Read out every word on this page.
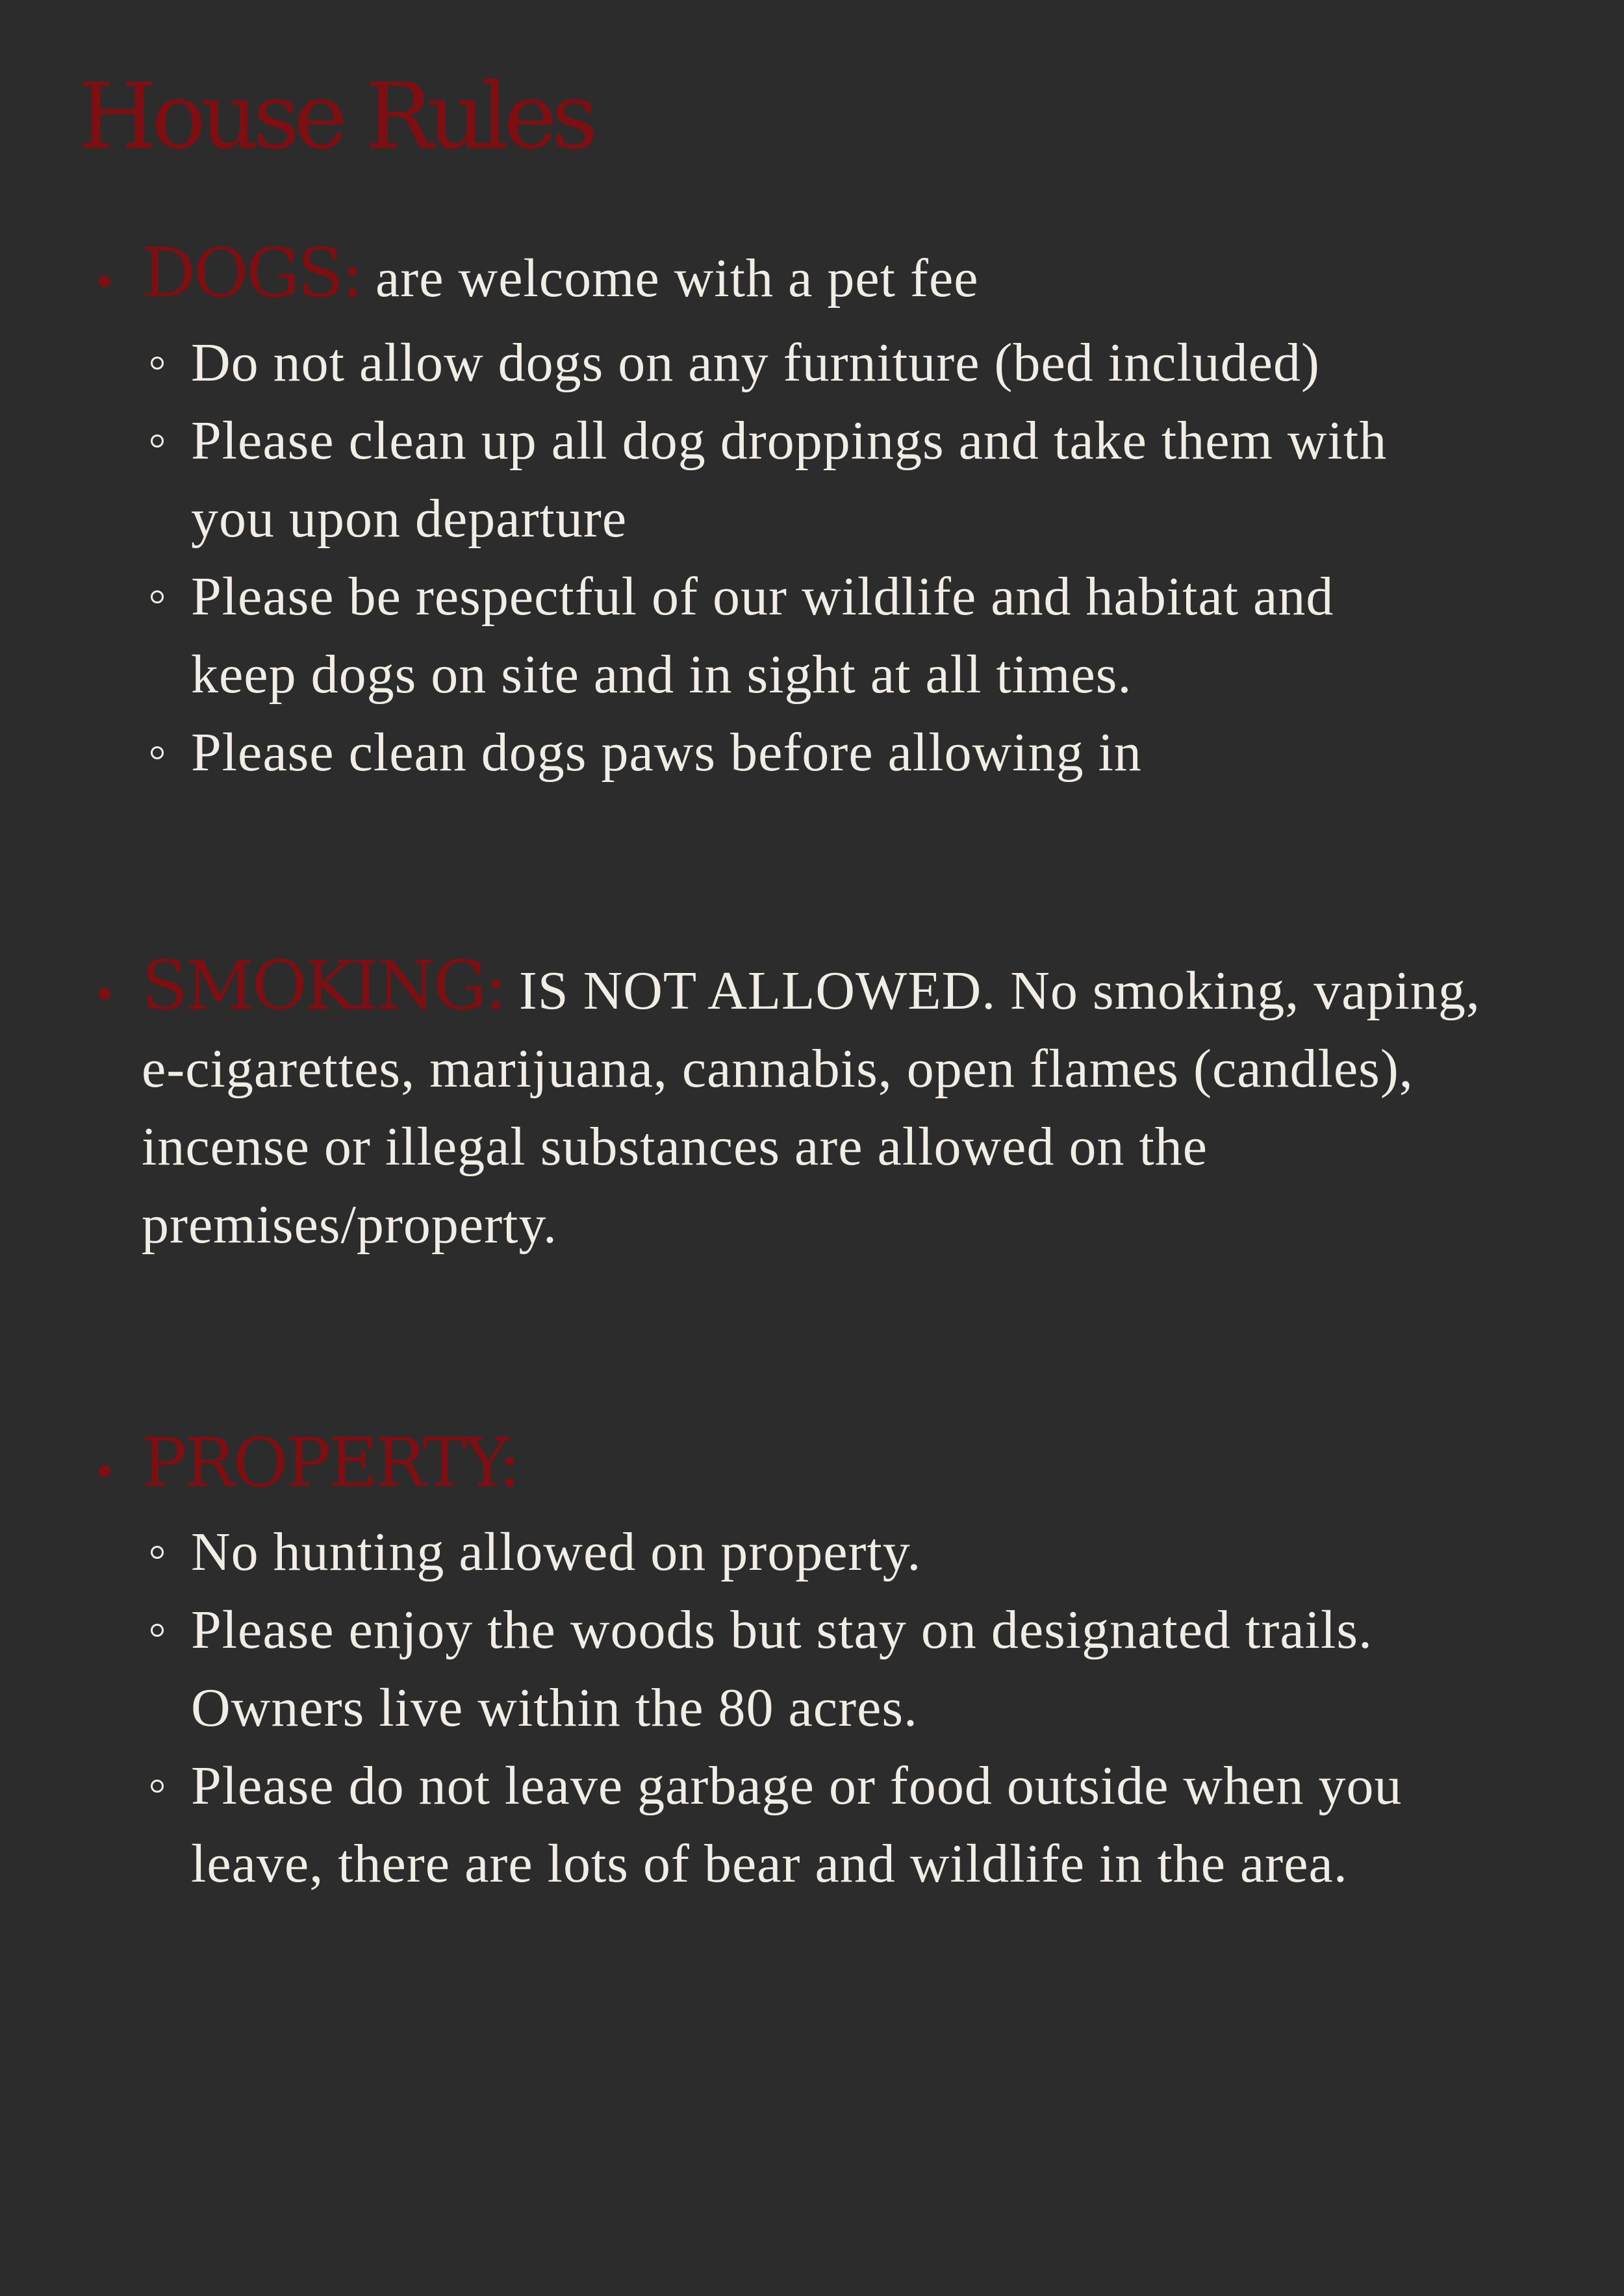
House Rules

DOGS: are welcome with a pet fee

Do not allow dogs on any furniture (bed included)
Please clean up all dog droppings and take them with
you upon departure
Please be respectful of our wildlife and habitat and
keep dogs on site and in sight at all times.
Please clean dogs paws before allowing in

SMOKING: IS NOT ALLOWED. No smoking, vaping,
e-cigarettes, marijuana, cannabis, open flames (candles),
incense or illegal substances are allowed on the
premises/property.

PROPERTY:

No hunting allowed on property.
Please enjoy the woods but stay on designated trails.
Owners live within the 80 acres.
Please do not leave garbage or food outside when you
leave, there are lots of bear and wildlife in the area.
